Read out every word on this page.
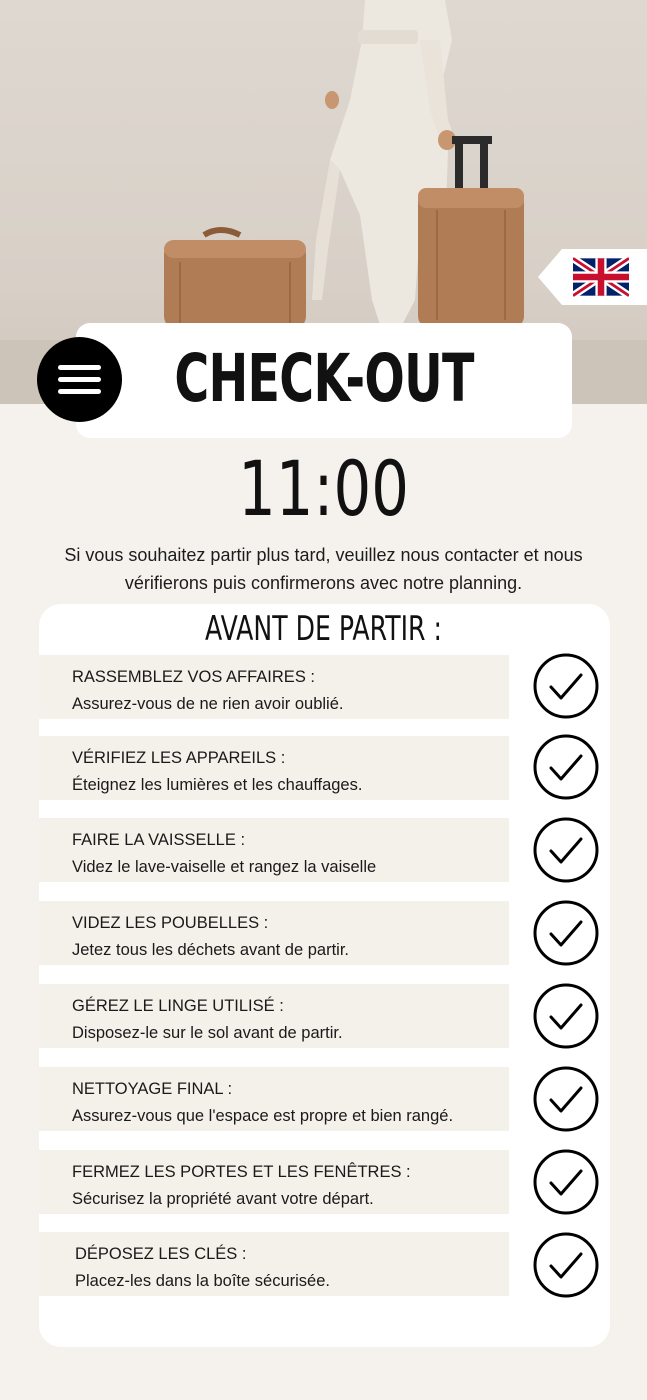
CHECK-OUT
11:00
Si vous souhaitez partir plus tard, veuillez nous contacter et nous vérifierons puis confirmerons avec notre planning.
AVANT DE PARTIR :
RASSEMBLEZ VOS AFFAIRES :
Assurez-vous de ne rien avoir oublié.
VÉRIFIEZ LES APPAREILS :
Éteignez les lumières et les chauffages.
FAIRE LA VAISSELLE :
Videz le lave-vaiselle et rangez la vaiselle
VIDEZ LES POUBELLES :
Jetez tous les déchets avant de partir.
GÉREZ LE LINGE UTILISÉ :
Disposez-le sur le sol avant de partir.
NETTOYAGE FINAL :
Assurez-vous que l'espace est propre et bien rangé.
FERMEZ LES PORTES ET LES FENÊTRES :
Sécurisez la propriété avant votre départ.
DÉPOSEZ LES CLÉS :
Placez-les dans la boîte sécurisée.
